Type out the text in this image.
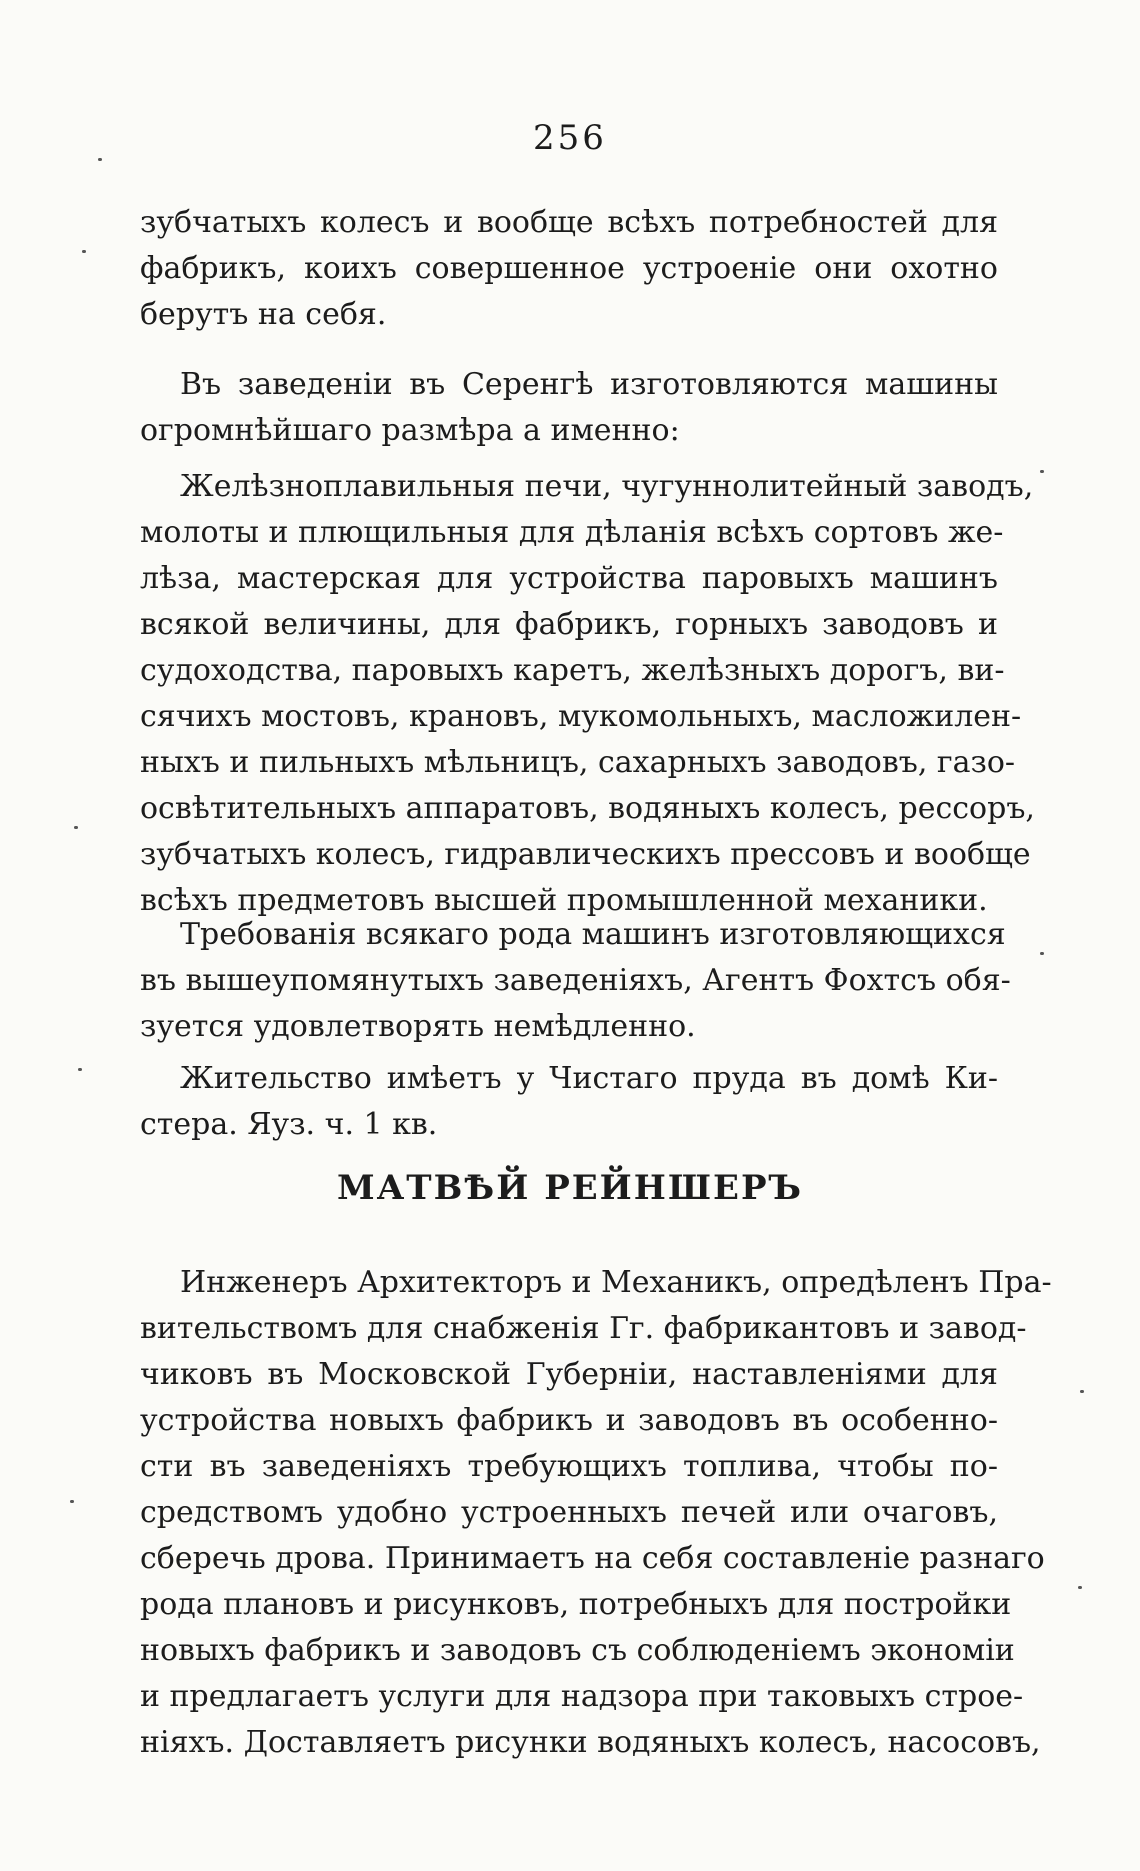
256
зубчатыхъ колесъ и вообще всѣхъ потребностей для
фабрикъ, коихъ совершенное устроенiе они охотно
берутъ на себя.
Въ заведенiи въ Серенгѣ изготовляются машины
огромнѣйшаго размѣра а именно:
Желѣзноплавильныя печи, чугуннолитейный заводъ,
молоты и плющильныя для дѣланiя всѣхъ сортовъ же-
лѣза, мастерская для устройства паровыхъ машинъ
всякой величины, для фабрикъ, горныхъ заводовъ и
судоходства, паровыхъ каретъ, желѣзныхъ дорогъ, ви-
сячихъ мостовъ, крановъ, мукомольныхъ, масложилен-
ныхъ и пильныхъ мѣльницъ, сахарныхъ заводовъ, газо-
освѣтительныхъ аппаратовъ, водяныхъ колесъ, рессоръ,
зубчатыхъ колесъ, гидравлическихъ прессовъ и вообще
всѣхъ предметовъ высшей промышленной механики.
Требованiя всякаго рода машинъ изготовляющихся
въ вышеупомянутыхъ заведенiяхъ, Агентъ Фохтсъ обя-
зуется удовлетворять немѣдленно.
Жительство имѣетъ у Чистаго пруда въ домѣ Ки-
стера. Яуз. ч. 1 кв.
МАТВѢЙ РЕЙНШЕРЪ
Инженеръ Архитекторъ и Механикъ, опредѣленъ Пра-
вительствомъ для снабженiя Гг. фабрикантовъ и завод-
чиковъ въ Московской Губернiи, наставленiями для
устройства новыхъ фабрикъ и заводовъ въ особенно-
сти въ заведенiяхъ требующихъ топлива, чтобы по-
средствомъ удобно устроенныхъ печей или очаговъ,
сберечь дрова. Принимаетъ на себя составленiе разнаго
рода плановъ и рисунковъ, потребныхъ для постройки
новыхъ фабрикъ и заводовъ съ соблюденiемъ экономiи
и предлагаетъ услуги для надзора при таковыхъ строе-
нiяхъ. Доставляетъ рисунки водяныхъ колесъ, насосовъ,
